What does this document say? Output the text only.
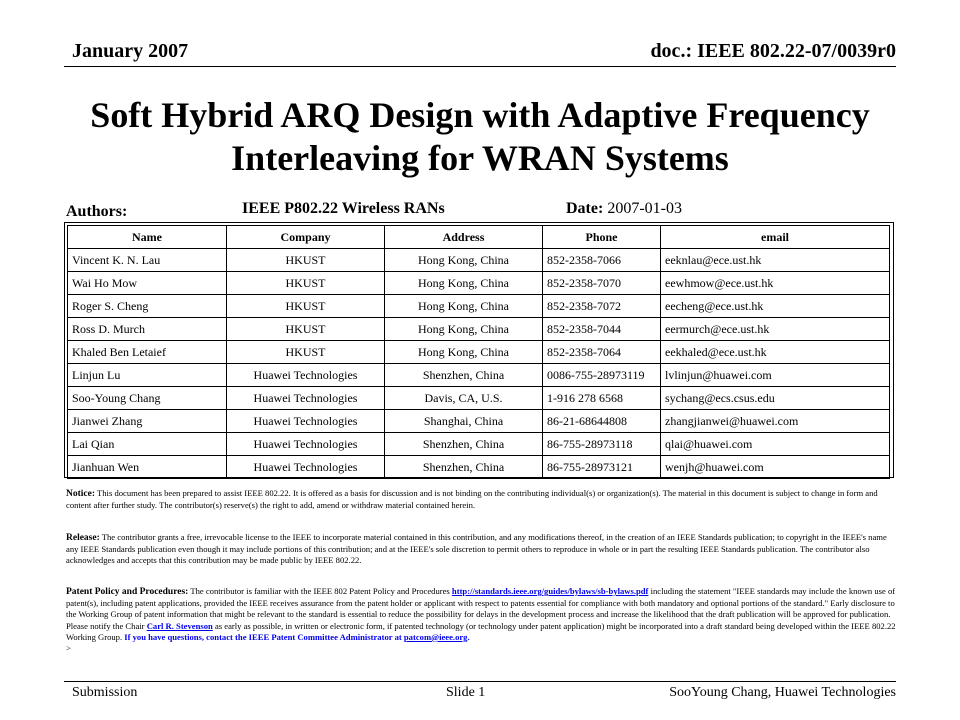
January 2007	doc.: IEEE 802.22-07/0039r0
Soft Hybrid ARQ Design with Adaptive Frequency
Interleaving for WRAN Systems
Authors:	IEEE P802.22 Wireless RANs	Date: 2007-01-03
Name	Company	Address	Phone	email
Vincent K. N. Lau	HKUST	Hong Kong, China	852-2358-7066	eeknlau@ece.ust.hk
Wai Ho Mow	HKUST	Hong Kong, China	852-2358-7070	eewhmow@ece.ust.hk
Roger S. Cheng	HKUST	Hong Kong, China	852-2358-7072	eecheng@ece.ust.hk
Ross D. Murch	HKUST	Hong Kong, China	852-2358-7044	eermurch@ece.ust.hk
Khaled Ben Letaief	HKUST	Hong Kong, China	852-2358-7064	eekhaled@ece.ust.hk
Linjun Lu	Huawei Technologies	Shenzhen, China	0086-755-28973119	lvlinjun@huawei.com
Soo-Young Chang	Huawei Technologies	Davis, CA, U.S.	1-916 278 6568	sychang@ecs.csus.edu
Jianwei Zhang	Huawei Technologies	Shanghai, China	86-21-68644808	zhangjianwei@huawei.com
Lai Qian	Huawei Technologies	Shenzhen, China	86-755-28973118	qlai@huawei.com
Jianhuan Wen	Huawei Technologies	Shenzhen, China	86-755-28973121	wenjh@huawei.com
Notice: This document has been prepared to assist IEEE 802.22. It is offered as a basis for discussion and is not binding on the contributing individual(s) or organization(s). The material in this document is subject to change in form and content after further study. The contributor(s) reserve(s) the right to add, amend or withdraw material contained herein.
Release: The contributor grants a free, irrevocable license to the IEEE to incorporate material contained in this contribution, and any modifications thereof, in the creation of an IEEE Standards publication; to copyright in the IEEE's name any IEEE Standards publication even though it may include portions of this contribution; and at the IEEE's sole discretion to permit others to reproduce in whole or in part the resulting IEEE Standards publication. The contributor also acknowledges and accepts that this contribution may be made public by IEEE 802.22.
Patent Policy and Procedures: The contributor is familiar with the IEEE 802 Patent Policy and Procedures http://standards.ieee.org/guides/bylaws/sb-bylaws.pdf including the statement "IEEE standards may include the known use of patent(s), including patent applications, provided the IEEE receives assurance from the patent holder or applicant with respect to patents essential for compliance with both mandatory and optional portions of the standard." Early disclosure to the Working Group of patent information that might be relevant to the standard is essential to reduce the possibility for delays in the development process and increase the likelihood that the draft publication will be approved for publication. Please notify the Chair Carl R. Stevenson as early as possible, in written or electronic form, if patented technology (or technology under patent application) might be incorporated into a draft standard being developed within the IEEE 802.22 Working Group. If you have questions, contact the IEEE Patent Committee Administrator at patcom@ieee.org.
>
Submission	Slide 1	SooYoung Chang, Huawei Technologies
